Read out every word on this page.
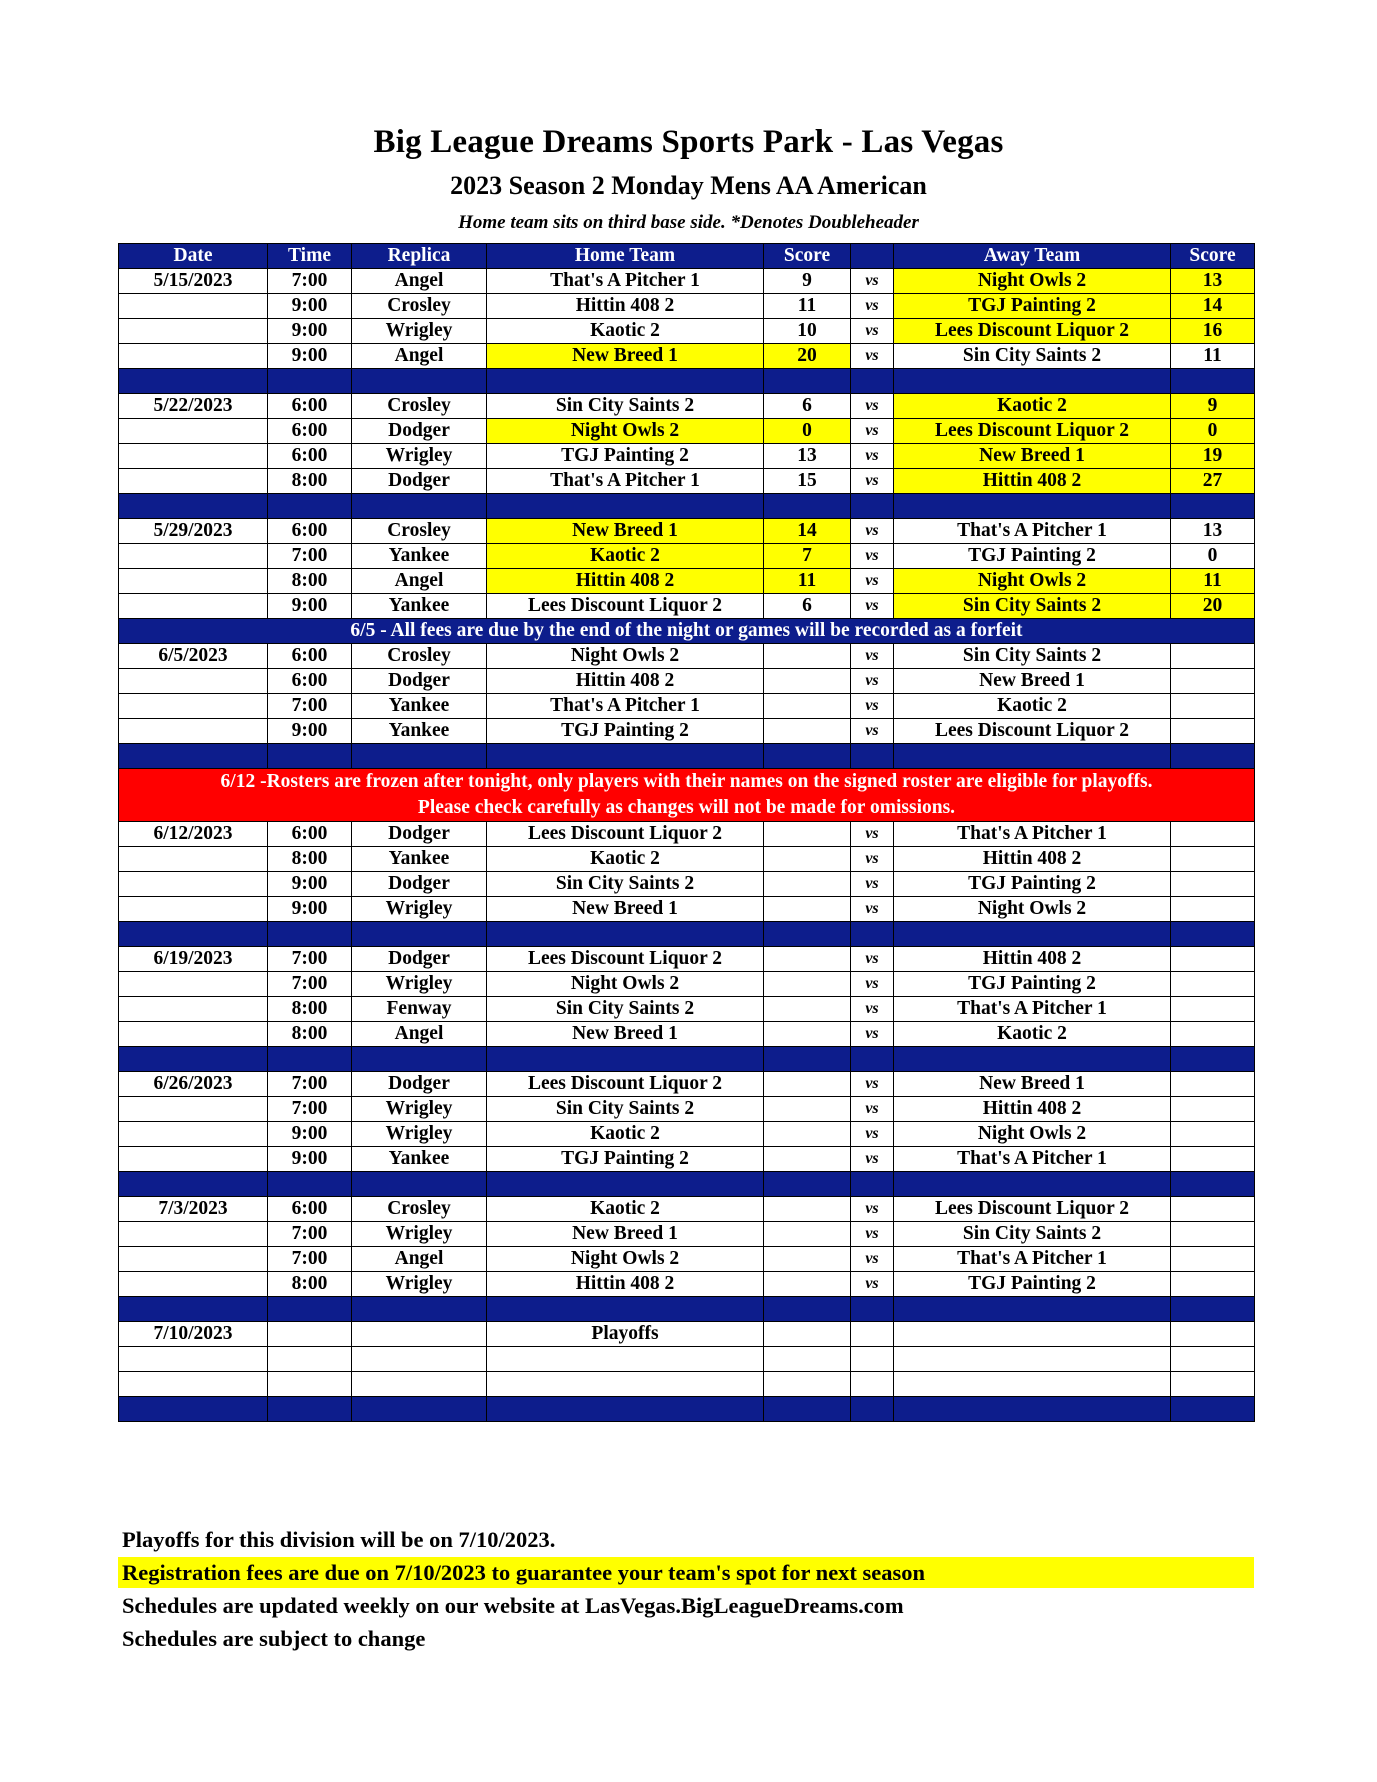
Big League Dreams Sports Park - Las Vegas
2023 Season 2 Monday Mens AA American
Home team sits on third base side. *Denotes Doubleheader
Date	Time	Replica	Home Team	Score		Away Team	Score
5/15/2023	7:00	Angel	That's A Pitcher 1	9	vs	Night Owls 2	13
	9:00	Crosley	Hittin 408 2	11	vs	TGJ Painting 2	14
	9:00	Wrigley	Kaotic 2	10	vs	Lees Discount Liquor 2	16
	9:00	Angel	New Breed 1	20	vs	Sin City Saints 2	11

5/22/2023	6:00	Crosley	Sin City Saints 2	6	vs	Kaotic 2	9
	6:00	Dodger	Night Owls 2	0	vs	Lees Discount Liquor 2	0
	6:00	Wrigley	TGJ Painting 2	13	vs	New Breed 1	19
	8:00	Dodger	That's A Pitcher 1	15	vs	Hittin 408 2	27

5/29/2023	6:00	Crosley	New Breed 1	14	vs	That's A Pitcher 1	13
	7:00	Yankee	Kaotic 2	7	vs	TGJ Painting 2	0
	8:00	Angel	Hittin 408 2	11	vs	Night Owls 2	11
	9:00	Yankee	Lees Discount Liquor 2	6	vs	Sin City Saints 2	20
6/5 - All fees are due by the end of the night or games will be recorded as a forfeit							
6/5/2023	6:00	Crosley	Night Owls 2		vs	Sin City Saints 2	
	6:00	Dodger	Hittin 408 2		vs	New Breed 1	
	7:00	Yankee	That's A Pitcher 1		vs	Kaotic 2	
	9:00	Yankee	TGJ Painting 2		vs	Lees Discount Liquor 2	

6/12 -Rosters are frozen after tonight, only players with their names on the signed roster are eligible for playoffs.
Please check carefully as changes will not be made for omissions.							

6/12/2023	6:00	Dodger	Lees Discount Liquor 2		vs	That's A Pitcher 1	
	8:00	Yankee	Kaotic 2		vs	Hittin 408 2	
	9:00	Dodger	Sin City Saints 2		vs	TGJ Painting 2	
	9:00	Wrigley	New Breed 1		vs	Night Owls 2	

6/19/2023	7:00	Dodger	Lees Discount Liquor 2		vs	Hittin 408 2	
	7:00	Wrigley	Night Owls 2		vs	TGJ Painting 2	
	8:00	Fenway	Sin City Saints 2		vs	That's A Pitcher 1	
	8:00	Angel	New Breed 1		vs	Kaotic 2	

6/26/2023	7:00	Dodger	Lees Discount Liquor 2		vs	New Breed 1	
	7:00	Wrigley	Sin City Saints 2		vs	Hittin 408 2	
	9:00	Wrigley	Kaotic 2		vs	Night Owls 2	
	9:00	Yankee	TGJ Painting 2		vs	That's A Pitcher 1	

7/3/2023	6:00	Crosley	Kaotic 2		vs	Lees Discount Liquor 2	
	7:00	Wrigley	New Breed 1		vs	Sin City Saints 2	
	7:00	Angel	Night Owls 2		vs	That's A Pitcher 1	
	8:00	Wrigley	Hittin 408 2		vs	TGJ Painting 2	

7/10/2023			Playoffs				

Playoffs for this division will be on 7/10/2023.
Registration fees are due on 7/10/2023 to guarantee your team's spot for next season
Schedules are updated weekly on our website at LasVegas.BigLeagueDreams.com
Schedules are subject to change
